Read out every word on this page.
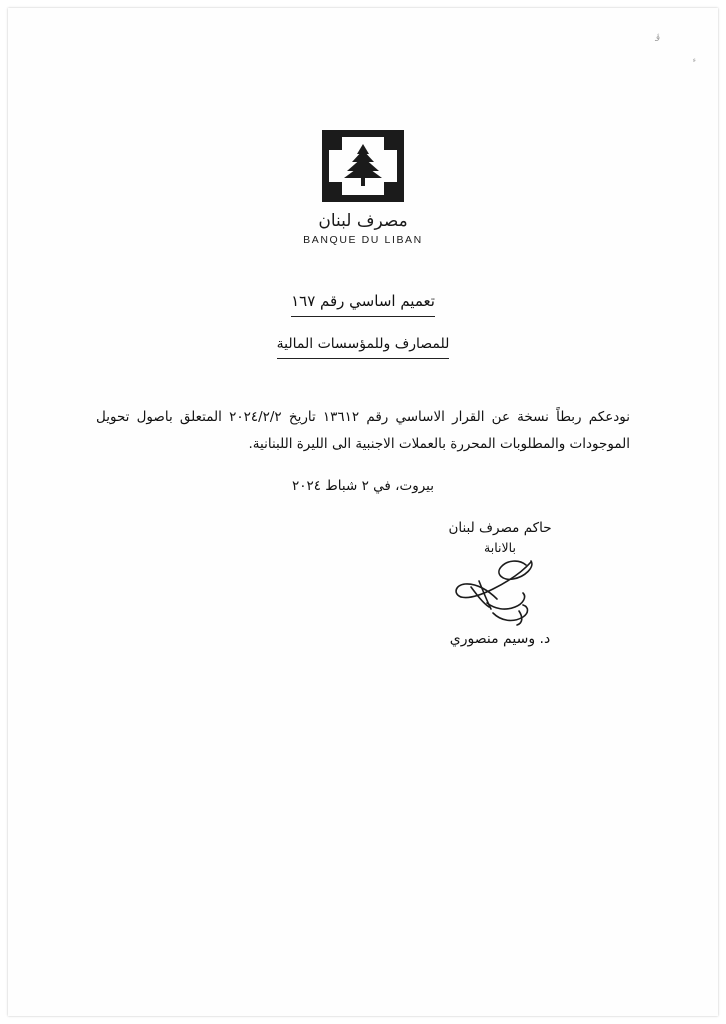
ؤ
ء
مصرف لبنان
BANQUE DU LIBAN
تعميم اساسي رقم ١٦٧
للمصارف وللمؤسسات المالية
نودعكم ربطاً نسخة عن القرار الاساسي رقم ١٣٦١٢ تاريخ ٢٠٢٤/٢/٢ المتعلق باصول تحويل الموجودات والمطلوبات المحررة بالعملات الاجنبية الى الليرة اللبنانية.
بيروت، في ٢ شباط ٢٠٢٤
حاكم مصرف لبنان
بالانابة
د. وسيم منصوري
